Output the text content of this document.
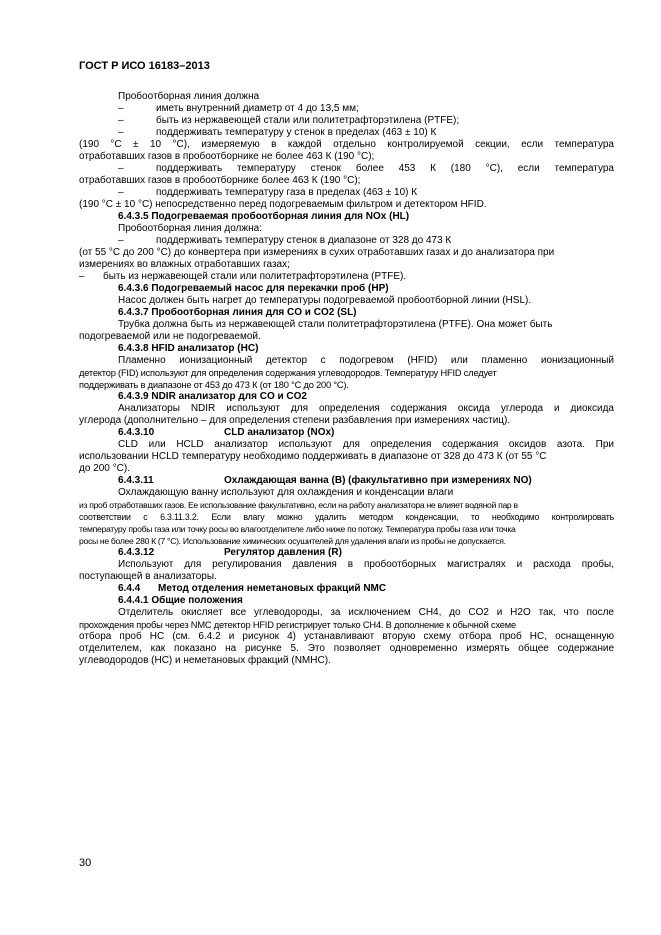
ГОСТ Р ИСО 16183–2013
Пробоотборная линия должна
–	иметь внутренний диаметр от 4 до 13,5 мм;
–	быть из нержавеющей стали или политетрафторэтилена (PTFE);
–	поддерживать температуру у стенок в пределах (463 ± 10) К
(190 °С ± 10 °С), измеряемую в каждой отдельно контролируемой секции, если температура
отработавших газов в пробоотборнике не более 463 К (190 °С);
–	поддерживать температуру стенок более 453 К (180 °С), если температура
отработавших газов в пробоотборнике более 463 К (190 °С);
–	поддерживать температуру газа в пределах (463 ± 10) К
(190 °С ± 10 °С) непосредственно перед подогреваемым фильтром и детектором HFID.
6.4.3.5 Подогреваемая пробоотборная линия для NOx (HL)
Пробоотборная линия должна:
–	поддерживать температуру стенок в диапазоне от 328 до 473 К
(от 55 °С до 200 °С) до конвертера при измерениях в сухих отработавших газах и до анализатора при
измерениях во влажных отработавших газах;
– быть из нержавеющей стали или политетрафторэтилена (PTFE).
6.4.3.6 Подогреваемый насос для перекачки проб (HP)
Насос должен быть нагрет до температуры подогреваемой пробоотборной линии (HSL).
6.4.3.7 Пробоотборная линия для CO и CO2 (SL)
Трубка должна быть из нержавеющей стали политетрафторэтилена (PTFE). Она может быть
подогреваемой или не подогреваемой.
6.4.3.8 HFID анализатор (HC)
Пламенно ионизационный детектор с подогревом (HFID) или пламенно ионизационный
детектор (FID) используют для определения содержания углеводородов. Температуру HFID следует
поддерживать в диапазоне от 453 до 473 К (от 180 °С до 200 °С).
6.4.3.9 NDIR анализатор для CO и CO2
Анализаторы NDIR используют для определения содержания оксида углерода и диоксида
углерода (дополнительно – для определения степени разбавления при измерениях частиц).
6.4.3.10	CLD анализатор (NOx)
CLD или HCLD анализатор используют для определения содержания оксидов азота. При
использовании HCLD температуру необходимо поддерживать в диапазоне от 328 до 473 К (от 55 °С
до 200 °С).
6.4.3.11	Охлаждающая ванна (В) (факультативно при измерениях NO)
Охлаждающую ванну используют для охлаждения и конденсации влаги
из проб отработавших газов. Ее использование факультативно, если на работу анализатора не влияет водяной пар в
соответствии с 6.3.11.3.2. Если влагу можно удалить методом конденсации, то необходимо контролировать
температуру пробы газа или точку росы во влагоотделителе либо ниже по потоку. Температура пробы газа или точка
росы не более 280 К (7 °С). Использование химических осушителей для удаления влаги из пробы не допускается.
6.4.3.12	Регулятор давления (R)
Используют для регулирования давления в пробоотборных магистралях и расхода пробы,
поступающей в анализаторы.
6.4.4 Метод отделения неметановых фракций NMC
6.4.4.1 Общие положения
Отделитель окисляет все углеводороды, за исключением CH4, до CO2 и H2O так, что после
прохождения пробы через NMC детектор HFID регистрирует только CH4. В дополнение к обычной схеме
отбора проб НС (см. 6.4.2 и рисунок 4) устанавливают вторую схему отбора проб НС, оснащенную
отделителем, как показано на рисунке 5. Это позволяет одновременно измерять общее содержание
углеводородов (НС) и неметановых фракций (NMHC).
30
